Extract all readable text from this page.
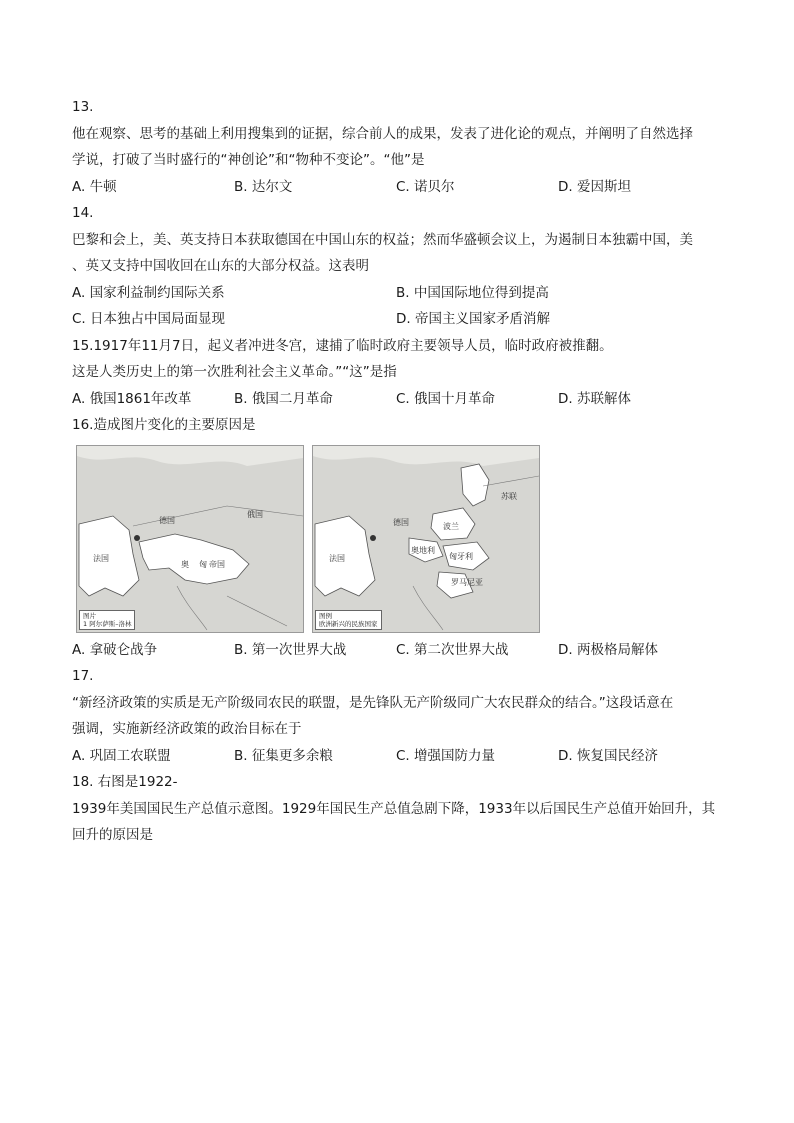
13.
他在观察、思考的基础上利用搜集到的证据，综合前人的成果，发表了进化论的观点，并阐明了自然选择
学说，打破了当时盛行的“神创论”和“物种不变论”。“他”是
A. 牛顿	B. 达尔文	C. 诺贝尔	D. 爱因斯坦
14.
巴黎和会上，美、英支持日本获取德国在中国山东的权益；然而华盛顿会议上，为遏制日本独霸中国，美
、英又支持中国收回在山东的大部分权益。这表明
A. 国家利益制约国际关系	B. 中国国际地位得到提高
C. 日本独占中国局面显现	D. 帝国主义国家矛盾消解
15.1917年11月7日，起义者冲进冬宫，逮捕了临时政府主要领导人员，临时政府被推翻。
这是人类历史上的第一次胜利社会主义革命。”“这”是指
A. 俄国1861年改革	B. 俄国二月革命	C. 俄国十月革命	D. 苏联解体
16.造成图片变化的主要原因是
德国
俄国
法国
奥 匈 帝国
图片
1 阿尔萨斯–洛林
苏联
德国	波兰
法国
罗马尼亚
匈牙利
奥地利
图例
欧洲新兴的民族国家
A. 拿破仑战争	B. 第一次世界大战	C. 第二次世界大战	D. 两极格局解体
17.
“新经济政策的实质是无产阶级同农民的联盟，是先锋队无产阶级同广大农民群众的结合。”这段话意在
强调，实施新经济政策的政治目标在于
A. 巩固工农联盟	B. 征集更多余粮	C. 增强国防力量	D. 恢复国民经济
18. 右图是1922-
1939年美国国民生产总值示意图。1929年国民生产总值急剧下降，1933年以后国民生产总值开始回升，其
回升的原因是
